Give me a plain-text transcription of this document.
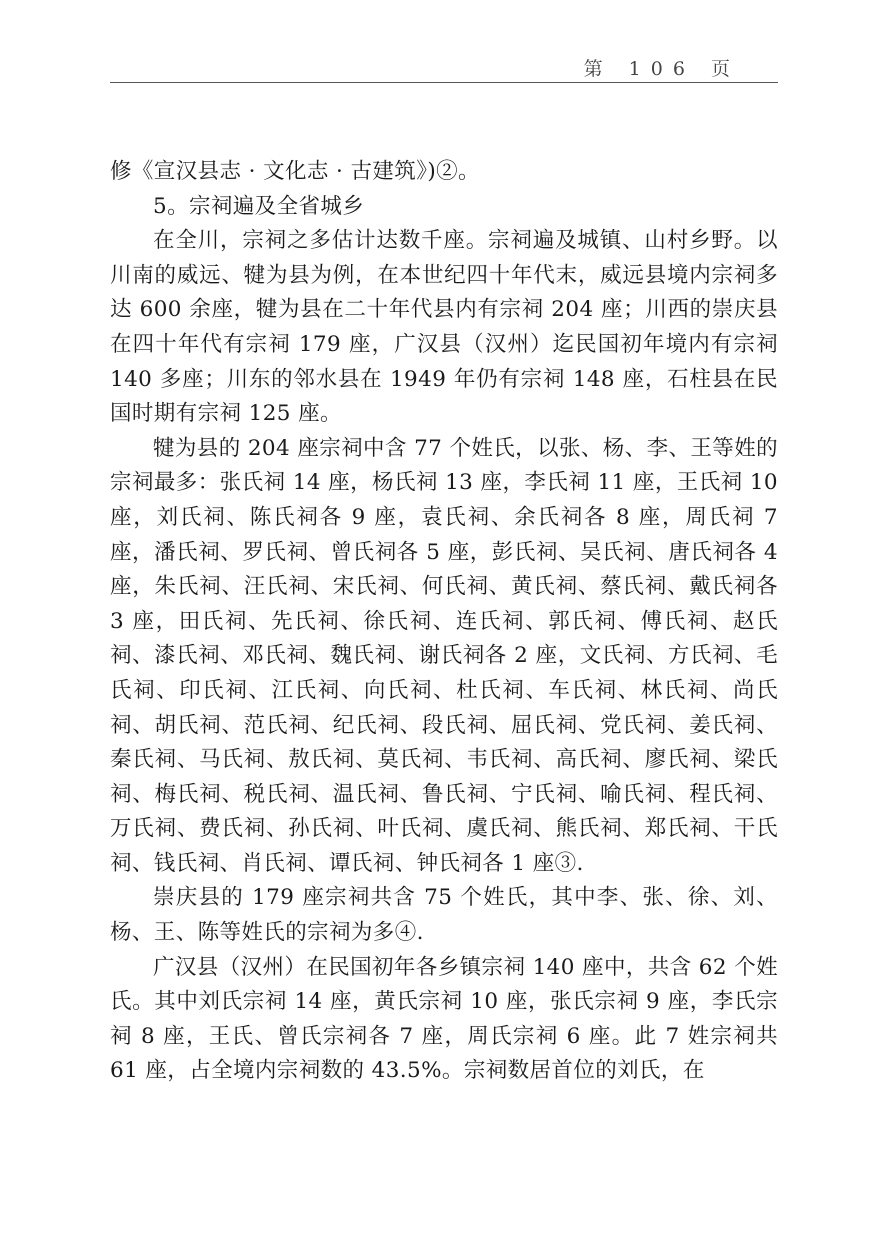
第 106 页

修《宣汉县志 · 文化志 · 古建筑》)②。

5。宗祠遍及全省城乡

在全川，宗祠之多估计达数千座。宗祠遍及城镇、山村乡野。以川南的威远、犍为县为例，在本世纪四十年代末，威远县境内宗祠多达 600 余座，犍为县在二十年代县内有宗祠 204 座；川西的崇庆县在四十年代有宗祠 179 座，广汉县（汉州）迄民国初年境内有宗祠 140 多座；川东的邻水县在 1949 年仍有宗祠 148 座，石柱县在民国时期有宗祠 125 座。

犍为县的 204 座宗祠中含 77 个姓氏，以张、杨、李、王等姓的宗祠最多：张氏祠 14 座，杨氏祠 13 座，李氏祠 11 座，王氏祠 10 座，刘氏祠、陈氏祠各 9 座，袁氏祠、余氏祠各 8 座，周氏祠 7 座，潘氏祠、罗氏祠、曾氏祠各 5 座，彭氏祠、吴氏祠、唐氏祠各 4 座，朱氏祠、汪氏祠、宋氏祠、何氏祠、黄氏祠、蔡氏祠、戴氏祠各 3 座，田氏祠、先氏祠、徐氏祠、连氏祠、郭氏祠、傅氏祠、赵氏祠、漆氏祠、邓氏祠、魏氏祠、谢氏祠各 2 座，文氏祠、方氏祠、毛氏祠、印氏祠、江氏祠、向氏祠、杜氏祠、车氏祠、林氏祠、尚氏祠、胡氏祠、范氏祠、纪氏祠、段氏祠、屈氏祠、党氏祠、姜氏祠、秦氏祠、马氏祠、敖氏祠、莫氏祠、韦氏祠、高氏祠、廖氏祠、梁氏祠、梅氏祠、税氏祠、温氏祠、鲁氏祠、宁氏祠、喻氏祠、程氏祠、万氏祠、费氏祠、孙氏祠、叶氏祠、虞氏祠、熊氏祠、郑氏祠、干氏祠、钱氏祠、肖氏祠、谭氏祠、钟氏祠各 1 座③.

崇庆县的 179 座宗祠共含 75 个姓氏，其中李、张、徐、刘、杨、王、陈等姓氏的宗祠为多④.

广汉县（汉州）在民国初年各乡镇宗祠 140 座中，共含 62 个姓氏。其中刘氏宗祠 14 座，黄氏宗祠 10 座，张氏宗祠 9 座，李氏宗祠 8 座，王氏、曾氏宗祠各 7 座，周氏宗祠 6 座。此 7 姓宗祠共 61 座，占全境内宗祠数的 43.5%。宗祠数居首位的刘氏，在
